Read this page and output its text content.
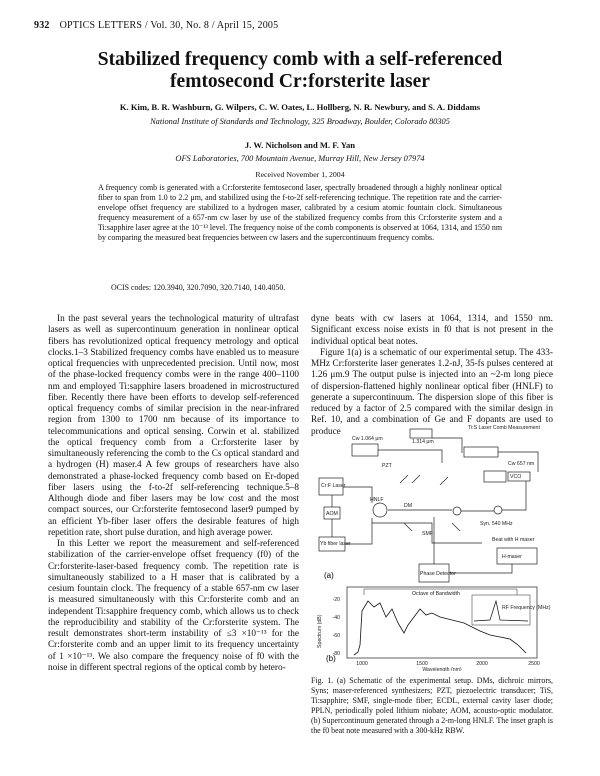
932 OPTICS LETTERS / Vol. 30, No. 8 / April 15, 2005
Stabilized frequency comb with a self-referenced
femtosecond Cr:forsterite laser
K. Kim, B. R. Washburn, G. Wilpers, C. W. Oates, L. Hollberg, N. R. Newbury, and S. A. Diddams
National Institute of Standards and Technology, 325 Broadway, Boulder, Colorado 80305
J. W. Nicholson and M. F. Yan
OFS Laboratories, 700 Mountain Avenue, Murray Hill, New Jersey 07974
Received November 1, 2004
A frequency comb is generated with a Cr:forsterite femtosecond laser, spectrally broadened through a highly nonlinear optical fiber to span from 1.0 to 2.2 μm, and stabilized using the f-to-2f self-referencing technique. The repetition rate and the carrier-envelope offset frequency are stabilized to a hydrogen maser, calibrated by a cesium atomic fountain clock. Simultaneous frequency measurement of a 657-nm cw laser by use of the stabilized frequency combs from this Cr:forsterite system and a Ti:sapphire laser agree at the 10⁻¹³ level. The frequency noise of the comb components is observed at 1064, 1314, and 1550 nm by comparing the measured beat frequencies between cw lasers and the supercontinuum frequency combs.
OCIS codes: 120.3940, 320.7090, 320.7140, 140.4050.

In the past several years the technological maturity of ultrafast lasers as well as supercontinuum generation in nonlinear optical fibers has revolutionized optical frequency metrology and optical clocks.1–3 Stabilized frequency combs have enabled us to measure optical frequencies with unprecedented precision. Until now, most of the phase-locked frequency combs were in the range 400–1100 nm and employed Ti:sapphire lasers broadened in microstructured fiber. Recently there have been efforts to develop self-referenced optical frequency combs of similar precision in the near-infrared region from 1300 to 1700 nm because of its importance to telecommunications and optical sensing. Corwin et al. stabilized the optical frequency comb from a Cr:forsterite laser by simultaneously referencing the comb to the Cs optical standard and a hydrogen (H) maser.4 A few groups of researchers have also demonstrated a phase-locked frequency comb based on Er-doped fiber lasers using the f-to-2f self-referencing technique.5–8 Although diode and fiber lasers may be low cost and the most compact sources, our Cr:forsterite femtosecond laser9 pumped by an efficient Yb-fiber laser offers the desirable features of high repetition rate, short pulse duration, and high average power.

In this Letter we report the measurement and self-referenced stabilization of the carrier-envelope offset frequency (f0) of the Cr:forsterite-laser-based frequency comb. The repetition rate is simultaneously stabilized to a H maser that is calibrated by a cesium fountain clock. The frequency of a stable 657-nm cw laser is measured simultaneously with this Cr:forsterite comb and an independent Ti:sapphire frequency comb, which allows us to check the reproducibility and stability of the Cr:forsterite system. The result demonstrates short-term instability of ≤3 ×10⁻¹³ for the Cr:forsterite comb and an upper limit to its frequency uncertainty of 1 ×10⁻¹³. We also compare the frequency noise of f0 with the noise in different spectral regions of the optical comb by hetero-

dyne beats with cw lasers at 1064, 1314, and 1550 nm. Significant excess noise exists in f0 that is not present in the individual optical beat notes.

Figure 1(a) is a schematic of our experimental setup. The 433-MHz Cr:forsterite laser generates 1.2-nJ, 35-fs pulses centered at 1.26 μm.9 The output pulse is injected into an ~2-m long piece of dispersion-flattened highly nonlinear optical fiber (HNLF) to generate a supercontinuum. The dispersion slope of this fiber is reduced by a factor of 2.5 compared with the similar design in Ref. 10, and a combination of Ge and F dopants are used to produce

Cw 1.064 μm	1.314 μm
Ti:S Laser Comb Measurement
Cw 657 nm
PZT
Cr:F Laser
HNLF
DM
SMF
AOM
Yb fiber laser
Syn. 540 MHz
VCO
Beat with H maser
Phase Detector
H-maser
(a)
Octave of Bandwidth
RF Frequency (MHz)
-20
-40
-60
-80
1000	1500	2000	2500
Wavelength (nm)
Spectrum (dB)
(b)
Fig. 1. (a) Schematic of the experimental setup. DMs, dichroic mirrors, Syns; maser-referenced synthesizers; PZT, piezoelectric transducer; TiS, Ti:sapphire; SMF, single-mode fiber; ECDL, external cavity laser diode; PPLN, periodically poled lithium niobate; AOM, acousto-optic modulator. (b) Supercontinuum generated through a 2-m-long HNLF. The inset graph is the f0 beat note measured with a 300-kHz RBW.
